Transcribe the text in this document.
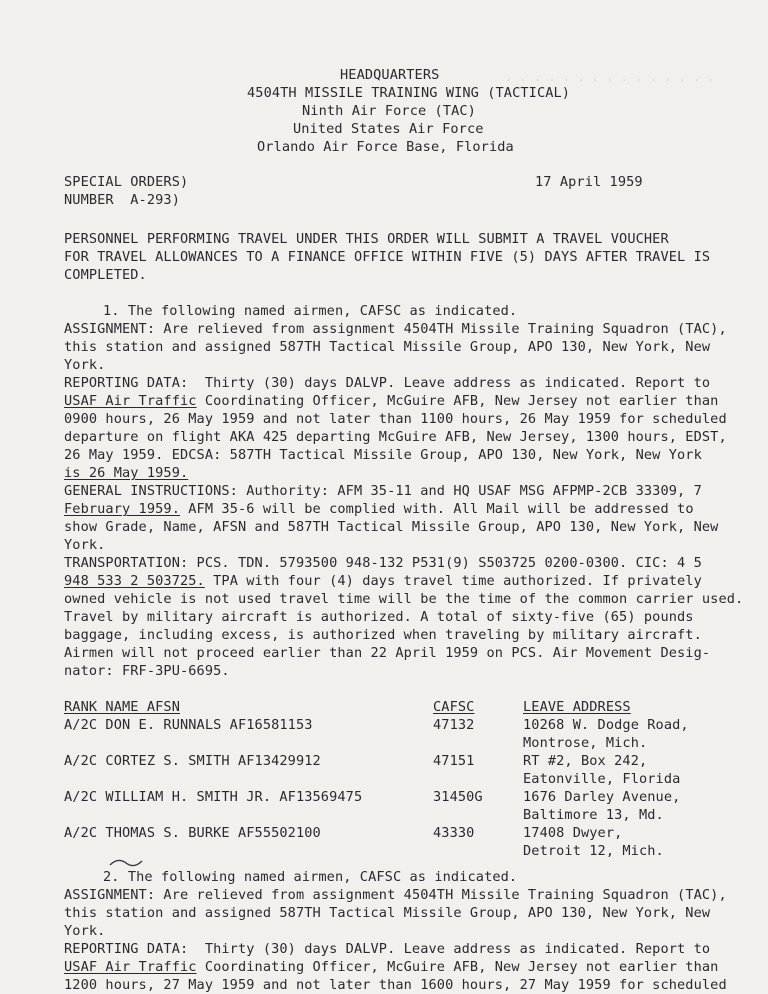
. . . . . . . . . . . . . . .
HEADQUARTERS
4504TH MISSILE TRAINING WING (TACTICAL)
Ninth Air Force (TAC)
United States Air Force
Orlando Air Force Base, Florida
SPECIAL ORDERS)
NUMBER  A-293)
17 April 1959
PERSONNEL PERFORMING TRAVEL UNDER THIS ORDER WILL SUBMIT A TRAVEL VOUCHER
FOR TRAVEL ALLOWANCES TO A FINANCE OFFICE WITHIN FIVE (5) DAYS AFTER TRAVEL IS
COMPLETED.
1. The following named airmen, CAFSC as indicated.
ASSIGNMENT: Are relieved from assignment 4504TH Missile Training Squadron (TAC),
this station and assigned 587TH Tactical Missile Group, APO 130, New York, New
York.
REPORTING DATA:  Thirty (30) days DALVP. Leave address as indicated. Report to
USAF Air Traffic Coordinating Officer, McGuire AFB, New Jersey not earlier than
0900 hours, 26 May 1959 and not later than 1100 hours, 26 May 1959 for scheduled
departure on flight AKA 425 departing McGuire AFB, New Jersey, 1300 hours, EDST,
26 May 1959. EDCSA: 587TH Tactical Missile Group, APO 130, New York, New York
is 26 May 1959.
GENERAL INSTRUCTIONS: Authority: AFM 35-11 and HQ USAF MSG AFPMP-2CB 33309, 7
February 1959. AFM 35-6 will be complied with. All Mail will be addressed to
show Grade, Name, AFSN and 587TH Tactical Missile Group, APO 130, New York, New
York.
TRANSPORTATION: PCS. TDN. 5793500 948-132 P531(9) S503725 0200-0300. CIC: 4 5
948 533 2 503725. TPA with four (4) days travel time authorized. If privately
owned vehicle is not used travel time will be the time of the common carrier used.
Travel by military aircraft is authorized. A total of sixty-five (65) pounds
baggage, including excess, is authorized when traveling by military aircraft.
Airmen will not proceed earlier than 22 April 1959 on PCS. Air Movement Desig-
nator: FRF-3PU-6695.
RANK NAME AFSN	CAFSC	LEAVE ADDRESS
A/2C DON E. RUNNALS AF16581153	47132	10268 W. Dodge Road,
Montrose, Mich.
A/2C CORTEZ S. SMITH AF13429912	47151	RT #2, Box 242,
Eatonville, Florida
A/2C WILLIAM H. SMITH JR. AF13569475	31450G	1676 Darley Avenue,
Baltimore 13, Md.
A/2C THOMAS S. BURKE AF55502100	43330	17408 Dwyer,
Detroit 12, Mich.
2. The following named airmen, CAFSC as indicated.
ASSIGNMENT: Are relieved from assignment 4504TH Missile Training Squadron (TAC),
this station and assigned 587TH Tactical Missile Group, APO 130, New York, New
York.
REPORTING DATA:  Thirty (30) days DALVP. Leave address as indicated. Report to
USAF Air Traffic Coordinating Officer, McGuire AFB, New Jersey not earlier than
1200 hours, 27 May 1959 and not later than 1600 hours, 27 May 1959 for scheduled
